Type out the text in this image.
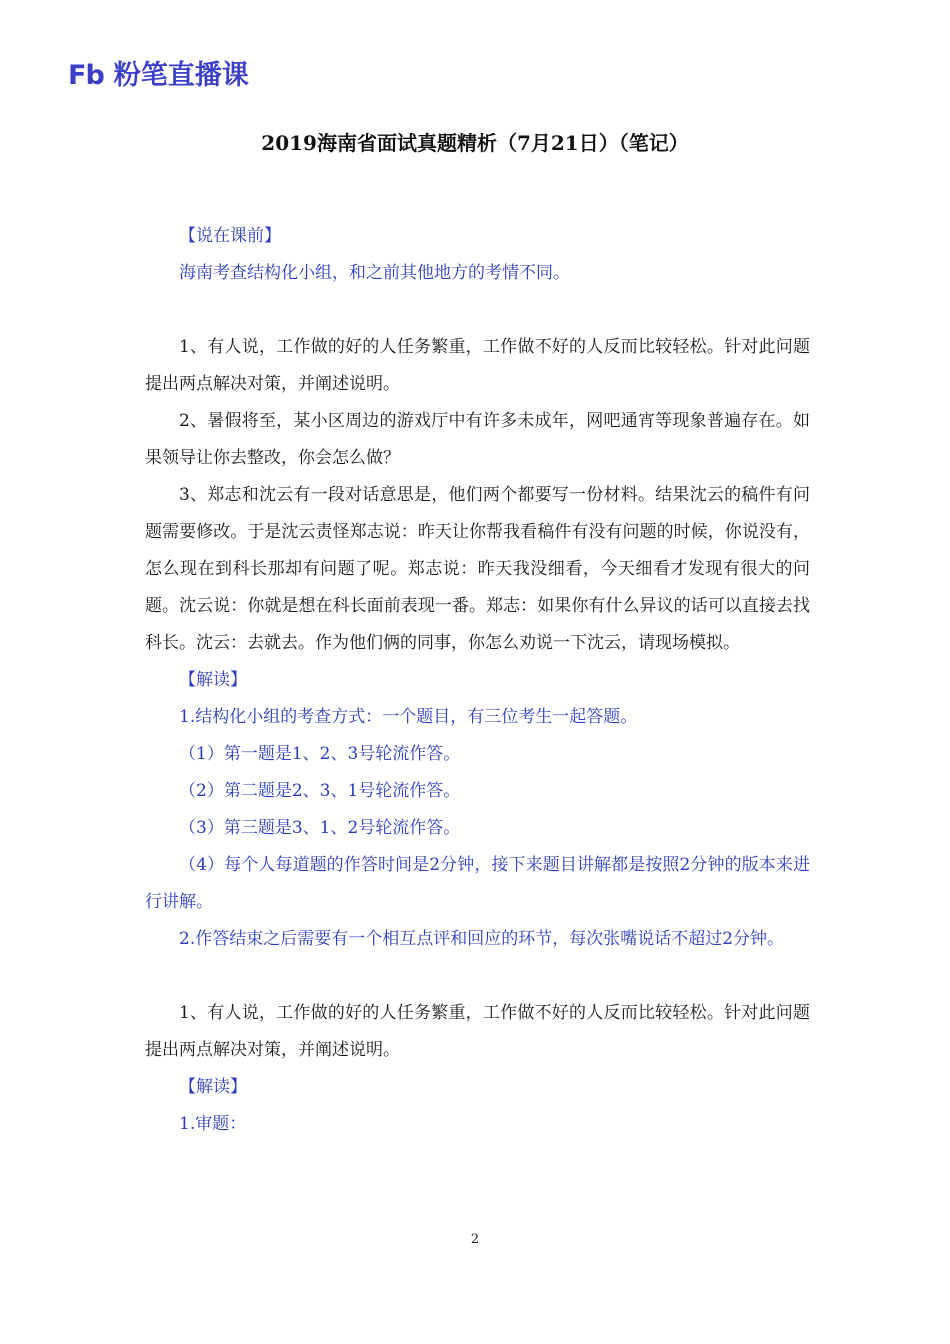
Fb 粉笔直播课
2019海南省面试真题精析（7月21日）（笔记）

【说在课前】

海南考查结构化小组，和之前其他地方的考情不同。

1、有人说，工作做的好的人任务繁重，工作做不好的人反而比较轻松。针对此问题提出两点解决对策，并阐述说明。

2、暑假将至，某小区周边的游戏厅中有许多未成年，网吧通宵等现象普遍存在。如果领导让你去整改，你会怎么做？

3、郑志和沈云有一段对话意思是，他们两个都要写一份材料。结果沈云的稿件有问题需要修改。于是沈云责怪郑志说：昨天让你帮我看稿件有没有问题的时候，你说没有，怎么现在到科长那却有问题了呢。郑志说：昨天我没细看，今天细看才发现有很大的问题。沈云说：你就是想在科长面前表现一番。郑志：如果你有什么异议的话可以直接去找科长。沈云：去就去。作为他们俩的同事，你怎么劝说一下沈云，请现场模拟。

【解读】

1.结构化小组的考查方式：一个题目，有三位考生一起答题。

（1）第一题是1、2、3号轮流作答。

（2）第二题是2、3、1号轮流作答。

（3）第三题是3、1、2号轮流作答。

（4）每个人每道题的作答时间是2分钟，接下来题目讲解都是按照2分钟的版本来进行讲解。

2.作答结束之后需要有一个相互点评和回应的环节，每次张嘴说话不超过2分钟。

1、有人说，工作做的好的人任务繁重，工作做不好的人反而比较轻松。针对此问题提出两点解决对策，并阐述说明。

【解读】

1.审题：

2
